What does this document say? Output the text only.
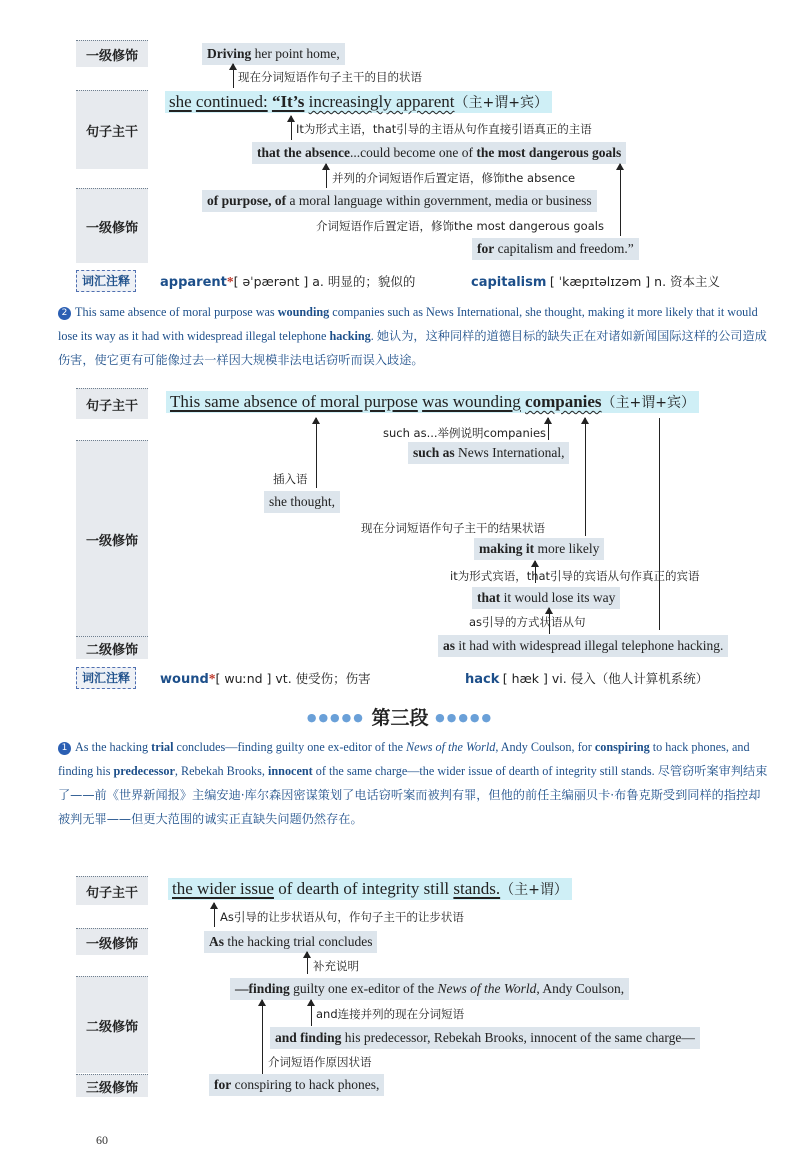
一级修饰	Driving her point home,
现在分词短语作句子主干的目的状语
句子主干
she continued: “It’s increasingly apparent（主+谓+宾）
It为形式主语，that引导的主语从句作直接引语真正的主语
that the absence...could become one of the most dangerous goals
并列的介词短语作后置定语，修饰the absence
一级修饰
of purpose, of a moral language within government, media or business
介词短语作后置定语，修饰the most dangerous goals
for capitalism and freedom.”
词汇注释	apparent*[ əˈpærənt ] a. 明显的；貌似的	capitalism [ ˈkæpɪtəlɪzəm ] n. 资本主义
2 This same absence of moral purpose was wounding companies such as News International, she thought, making it more likely that it would lose its way as it had with widespread illegal telephone hacking. 她认为，这种同样的道德目标的缺失正在对诸如新闻国际这样的公司造成伤害，使它更有可能像过去一样因大规模非法电话窃听而误入歧途。
句子主干	This same absence of moral purpose was wounding companies（主+谓+宾）
such as...举例说明companies
such as News International,
插入语
she thought,
一级修饰
现在分词短语作句子主干的结果状语
making it more likely
it为形式宾语，that引导的宾语从句作真正的宾语
that it would lose its way
as引导的方式状语从句
二级修饰	as it had with widespread illegal telephone hacking.
词汇注释	wound*[ wuːnd ] vt. 使受伤；伤害	hack [ hæk ] vi. 侵入（他人计算机系统）
●●●●● 第三段 ●●●●●
1 As the hacking trial concludes—finding guilty one ex-editor of the News of the World, Andy Coulson, for conspiring to hack phones, and finding his predecessor, Rebekah Brooks, innocent of the same charge—the wider issue of dearth of integrity still stands. 尽管窃听案审判结束了——前《世界新闻报》主编安迪·库尔森因密谋策划了电话窃听案而被判有罪，但他的前任主编丽贝卡·布鲁克斯受到同样的指控却被判无罪——但更大范围的诚实正直缺失问题仍然存在。
句子主干	the wider issue of dearth of integrity still stands.（主+谓）
As引导的让步状语从句，作句子主干的让步状语
一级修饰	As the hacking trial concludes
补充说明
二级修饰
—finding guilty one ex-editor of the News of the World, Andy Coulson,
and连接并列的现在分词短语
and finding his predecessor, Rebekah Brooks, innocent of the same charge—
介词短语作原因状语
三级修饰	for conspiring to hack phones,
60
